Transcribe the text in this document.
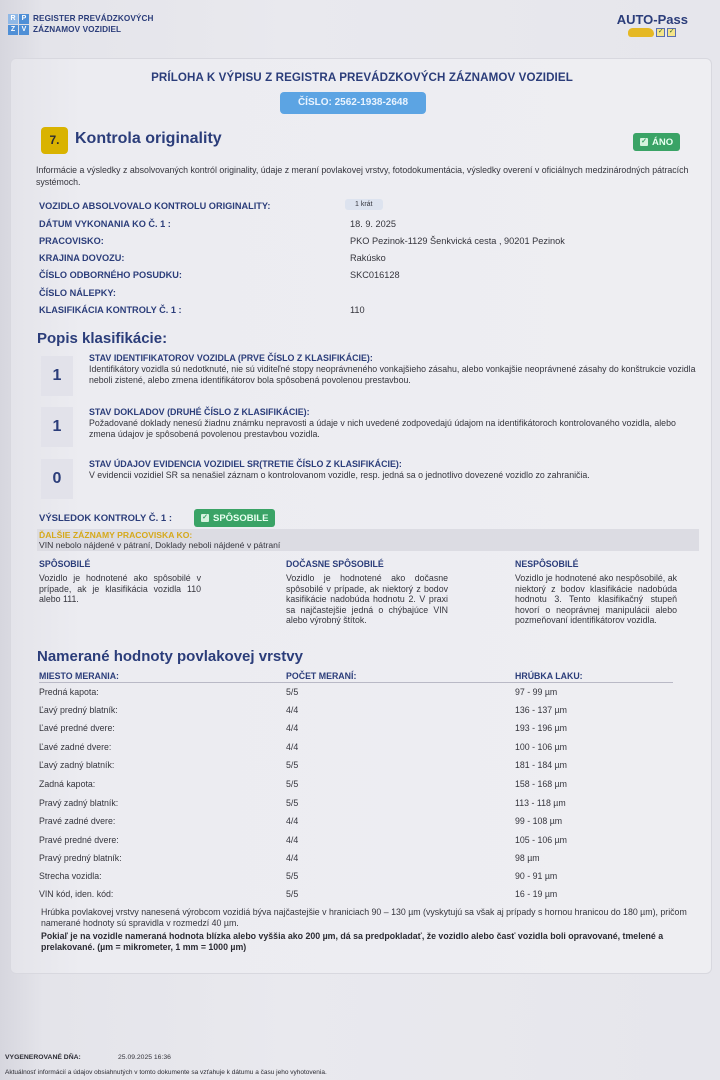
R P
Z V
REGISTER PREVÁDZKOVÝCH
ZÁZNAMOV VOZIDIEL
AUTO-Pass
✓ ✓
PRÍLOHA K VÝPISU Z REGISTRA PREVÁDZKOVÝCH ZÁZNAMOV VOZIDIEL
ČÍSLO: 2562-1938-2648
7. Kontrola originality	✓ ÁNO
Informácie a výsledky z absolvovaných kontról originality, údaje z meraní povlakovej vrstvy, fotodokumentácia, výsledky overení v oficiálnych medzinárodných pátracích systémoch.
VOZIDLO ABSOLVOVALO KONTROLU ORIGINALITY:	1 krát
DÁTUM VYKONANIA KO Č. 1 :	18. 9. 2025
PRACOVISKO:	PKO Pezinok-1129 Šenkvická cesta , 90201 Pezinok
KRAJINA DOVOZU:	Rakúsko
ČÍSLO ODBORNÉHO POSUDKU:	SKC016128
ČÍSLO NÁLEPKY:
KLASIFIKÁCIA KONTROLY Č. 1 :	110
Popis klasifikácie:
1
STAV IDENTIFIKATOROV VOZIDLA (PRVE ČÍSLO Z KLASIFIKÁCIE):
Identifikátory vozidla sú nedotknuté, nie sú viditeľné stopy neoprávneného vonkajšieho zásahu, alebo vonkajšie neoprávnené zásahy do konštrukcie vozidla neboli zistené, alebo zmena identifikátorov bola spôsobená povolenou prestavbou.
1
STAV DOKLADOV (DRUHÉ ČÍSLO Z KLASIFIKÁCIE):
Požadované doklady nenesú žiadnu známku nepravosti a údaje v nich uvedené zodpovedajú údajom na identifikátoroch kontrolovaného vozidla, alebo zmena údajov je spôsobená povolenou prestavbou vozidla.
0
STAV ÚDAJOV EVIDENCIA VOZIDIEL SR(TRETIE ČÍSLO Z KLASIFIKÁCIE):
V evidencii vozidiel SR sa nenašiel záznam o kontrolovanom vozidle, resp. jedná sa o jednotlivo dovezené vozidlo zo zahraničia.
VÝSLEDOK KONTROLY Č. 1 :	✓ SPÔSOBILE
ĎALŠIE ZÁZNAMY PRACOVISKA KO:
VIN nebolo nájdené v pátraní, Doklady neboli nájdené v pátraní
SPÔSOBILÉ
Vozidlo je hodnotené ako spôsobilé v prípade, ak je klasifikácia vozidla 110 alebo 111.
DOČASNE SPÔSOBILÉ
Vozidlo je hodnotené ako dočasne spôsobilé v prípade, ak niektorý z bodov kasifikácie nadobúda hodnotu 2. V praxi sa najčastejšie jedná o chýbajúce VIN alebo výrobný štítok.
NESPÔSOBILÉ
Vozidlo je hodnotené ako nespôsobilé, ak niektorý z bodov klasifikácie nadobúda hodnotu 3. Tento klasifikačný stupeň hovorí o neoprávnej manipulácii alebo pozmeňovaní identifikátorov vozidla.
Namerané hodnoty povlakovej vrstvy
MIESTO MERANIA:	POČET MERANÍ:	HRÚBKA LAKU:
Predná kapota:	5/5	97 - 99 µm
Ľavý predný blatník:	4/4	136 - 137 µm
Ľavé predné dvere:	4/4	193 - 196 µm
Ľavé zadné dvere:	4/4	100 - 106 µm
Ľavý zadný blatník:	5/5	181 - 184 µm
Zadná kapota:	5/5	158 - 168 µm
Pravý zadný blatník:	5/5	113 - 118 µm
Pravé zadné dvere:	4/4	99 - 108 µm
Pravé predné dvere:	4/4	105 - 106 µm
Pravý predný blatník:	4/4	98 µm
Strecha vozidla:	5/5	90 - 91 µm
VIN kód, iden. kód:	5/5	16 - 19 µm
Hrúbka povlakovej vrstvy nanesená výrobcom vozidiá býva najčastejšie v hraniciach 90 – 130 µm (vyskytujú sa však aj prípady s hornou hranicou do 180 µm), pričom namerané hodnoty sú spravidla v rozmedzí 40 µm.
Pokiaľ je na vozidle nameraná hodnota blízka alebo vyššia ako 200 µm, dá sa predpokladať, že vozidlo alebo časť vozidla boli opravované, tmelené a prelakované. (µm = mikrometer, 1 mm = 1000 µm)
VYGENEROVANÉ DŇA:	25.09.2025 16:36
Aktuálnosť informácií a údajov obsiahnutých v tomto dokumente sa vzťahuje k dátumu a času jeho vyhotovenia.
